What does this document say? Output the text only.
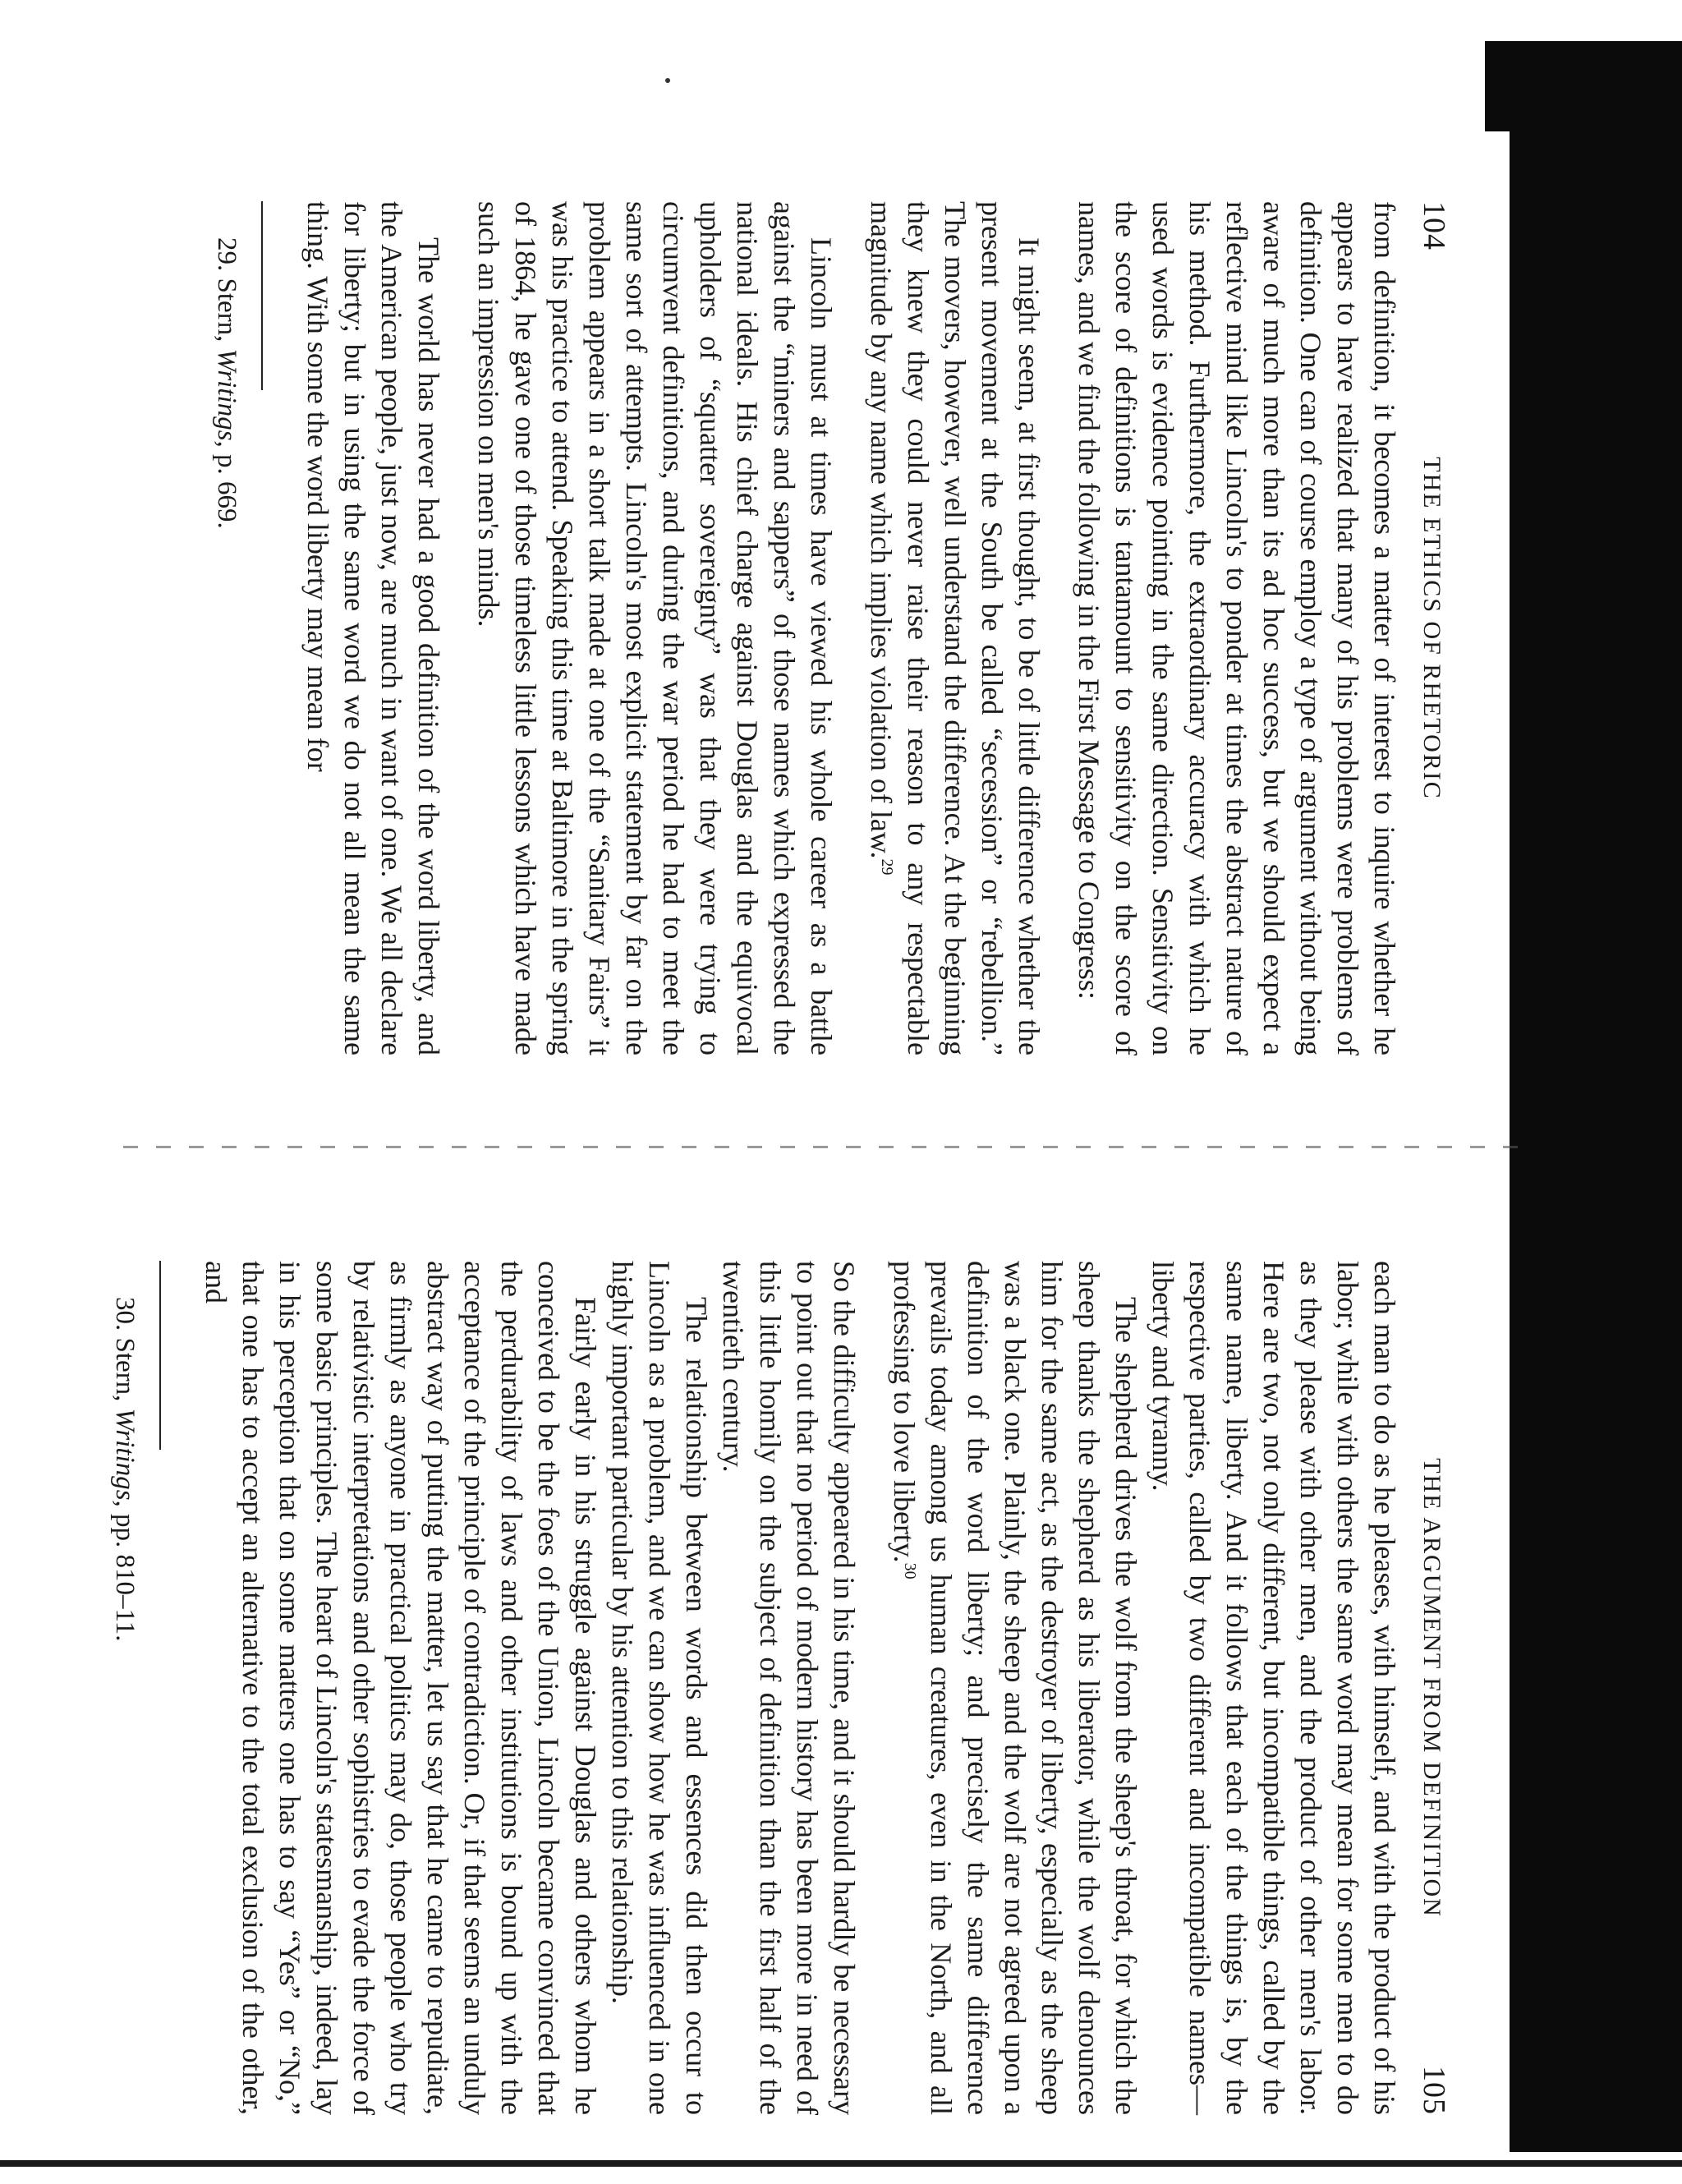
104
THE ETHICS OF RHETORIC

from definition, it becomes a matter of interest to inquire whether he appears to have realized that many of his problems were problems of definition. One can of course employ a type of argument without being aware of much more than its ad hoc success, but we should expect a reflective mind like Lincoln's to ponder at times the abstract nature of his method. Furthermore, the extraordinary accuracy with which he used words is evidence pointing in the same direction. Sensitivity on the score of definitions is tantamount to sensitivity on the score of names, and we find the following in the First Message to Congress:

It might seem, at first thought, to be of little difference whether the present movement at the South be called “secession” or “rebellion.” The movers, however, well understand the difference. At the beginning they knew they could never raise their reason to any respectable magnitude by any name which implies violation of law.$^{29}$

Lincoln must at times have viewed his whole career as a battle against the “miners and sappers” of those names which expressed the national ideals. His chief charge against Douglas and the equivocal upholders of “squatter sovereignty” was that they were trying to circumvent definitions, and during the war period he had to meet the same sort of attempts. Lincoln's most explicit statement by far on the problem appears in a short talk made at one of the “Sanitary Fairs” it was his practice to attend. Speaking this time at Baltimore in the spring of 1864, he gave one of those timeless little lessons which have made such an impression on men's minds.

The world has never had a good definition of the word liberty, and the American people, just now, are much in want of one. We all declare for liberty; but in using the same word we do not all mean the same thing. With some the word liberty may mean for

29. Stern, Writings, p. 669.

THE ARGUMENT FROM DEFINITION
105

each man to do as he pleases, with himself, and with the product of his labor; while with others the same word may mean for some men to do as they please with other men, and the product of other men's labor. Here are two, not only different, but incompatible things, called by the same name, liberty. And it follows that each of the things is, by the respective parties, called by two different and incompatible names—liberty and tyranny.

The shepherd drives the wolf from the sheep's throat, for which the sheep thanks the shepherd as his liberator, while the wolf denounces him for the same act, as the destroyer of liberty, especially as the sheep was a black one. Plainly, the sheep and the wolf are not agreed upon a definition of the word liberty; and precisely the same difference prevails today among us human creatures, even in the North, and all professing to love liberty.$^{30}$

So the difficulty appeared in his time, and it should hardly be necessary to point out that no period of modern history has been more in need of this little homily on the subject of definition than the first half of the twentieth century.

The relationship between words and essences did then occur to Lincoln as a problem, and we can show how he was influenced in one highly important particular by his attention to this relationship.

Fairly early in his struggle against Douglas and others whom he conceived to be the foes of the Union, Lincoln became convinced that the perdurability of laws and other institutions is bound up with the acceptance of the principle of contradiction. Or, if that seems an unduly abstract way of putting the matter, let us say that he came to repudiate, as firmly as anyone in practical politics may do, those people who try by relativistic interpretations and other sophistries to evade the force of some basic principles. The heart of Lincoln's statesmanship, indeed, lay in his perception that on some matters one has to say “Yes” or “No,” that one has to accept an alternative to the total exclusion of the other, and

30. Stern, Writings, pp. 810–11.
